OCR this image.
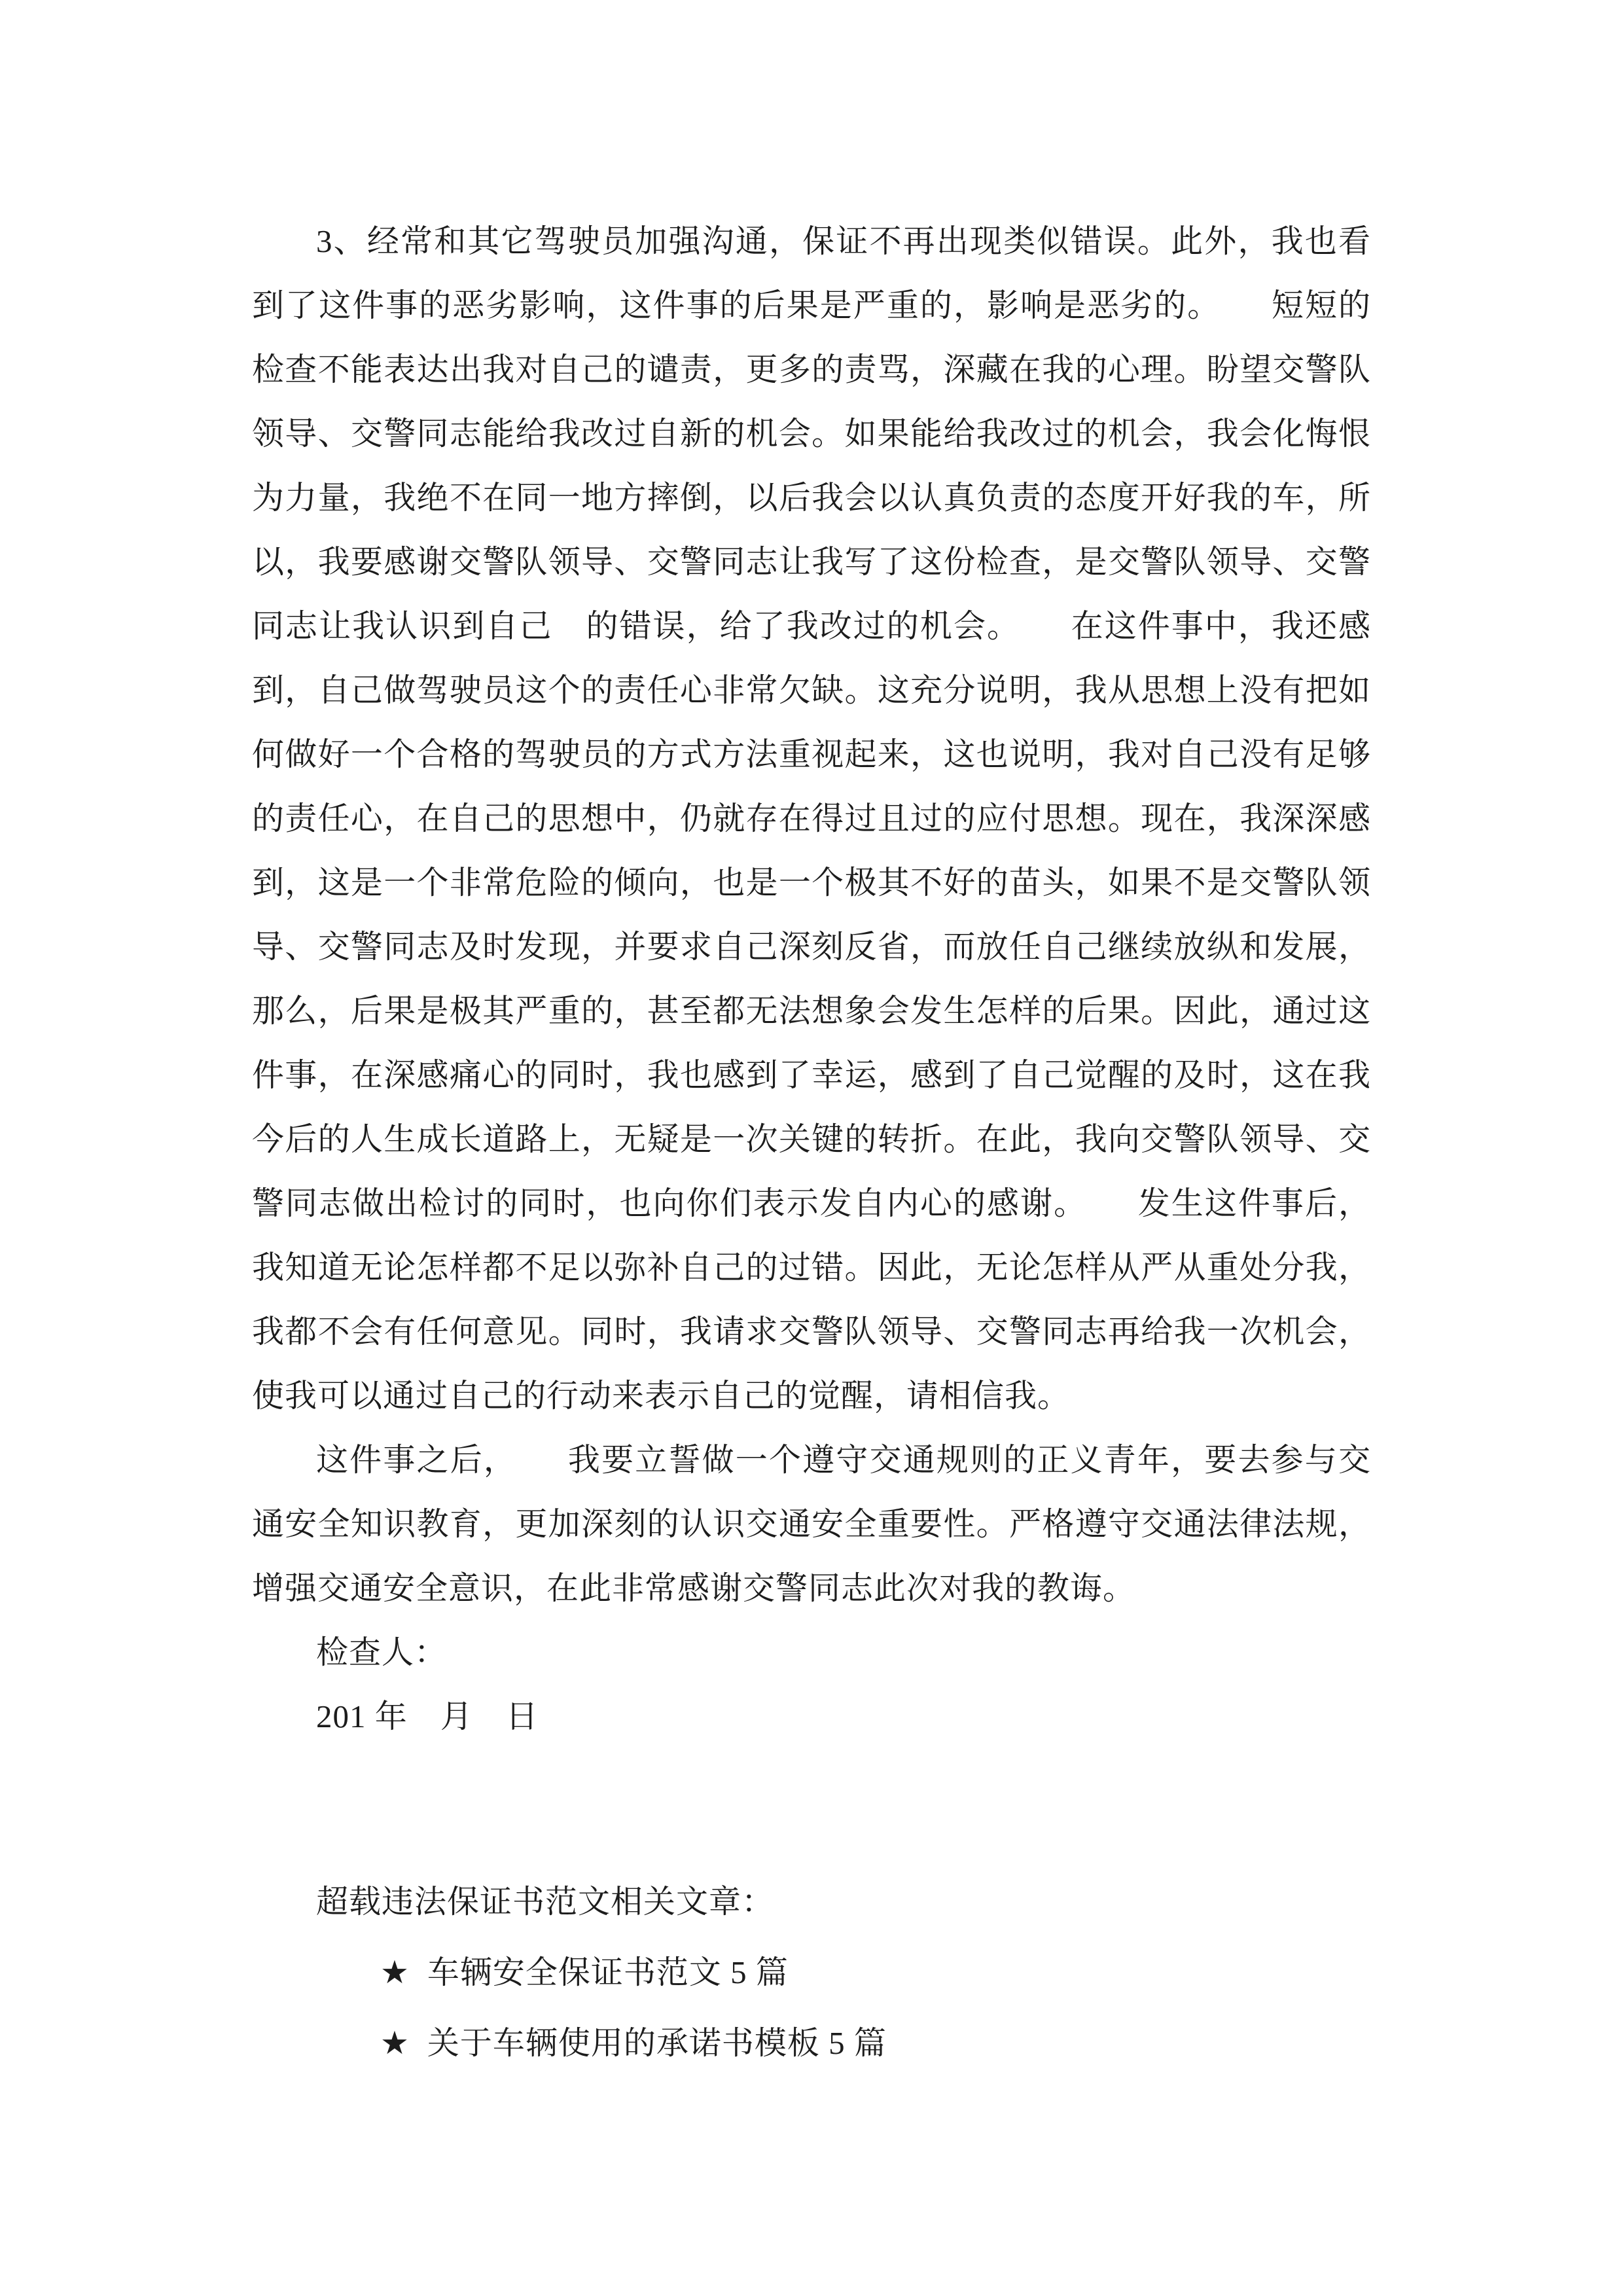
3、经常和其它驾驶员加强沟通，保证不再出现类似错误。此外，我也看到了这件事的恶劣影响，这件事的后果是严重的，影响是恶劣的。　　短短的检查不能表达出我对自己的谴责，更多的责骂，深藏在我的心理。盼望交警队领导、交警同志能给我改过自新的机会。如果能给我改过的机会，我会化悔恨为力量，我绝不在同一地方摔倒，以后我会以认真负责的态度开好我的车，所以，我要感谢交警队领导、交警同志让我写了这份检查，是交警队领导、交警同志让我认识到自己　的错误，给了我改过的机会。　　在这件事中，我还感到，自己做驾驶员这个的责任心非常欠缺。这充分说明，我从思想上没有把如何做好一个合格的驾驶员的方式方法重视起来，这也说明，我对自己没有足够的责任心，在自己的思想中，仍就存在得过且过的应付思想。现在，我深深感到，这是一个非常危险的倾向，也是一个极其不好的苗头，如果不是交警队领导、交警同志及时发现，并要求自己深刻反省，而放任自己继续放纵和发展，那么，后果是极其严重的，甚至都无法想象会发生怎样的后果。因此，通过这件事，在深感痛心的同时，我也感到了幸运，感到了自己觉醒的及时，这在我今后的人生成长道路上，无疑是一次关键的转折。在此，我向交警队领导、交警同志做出检讨的同时，也向你们表示发自内心的感谢。　　发生这件事后，我知道无论怎样都不足以弥补自己的过错。因此，无论怎样从严从重处分我，我都不会有任何意见。同时，我请求交警队领导、交警同志再给我一次机会，使我可以通过自己的行动来表示自己的觉醒，请相信我。

这件事之后，　　我要立誓做一个遵守交通规则的正义青年，要去参与交通安全知识教育，更加深刻的认识交通安全重要性。严格遵守交通法律法规，增强交通安全意识，在此非常感谢交警同志此次对我的教诲。

检查人：

201 年　月　日

超载违法保证书范文相关文章：

★ 车辆安全保证书范文 5 篇

★ 关于车辆使用的承诺书模板 5 篇
